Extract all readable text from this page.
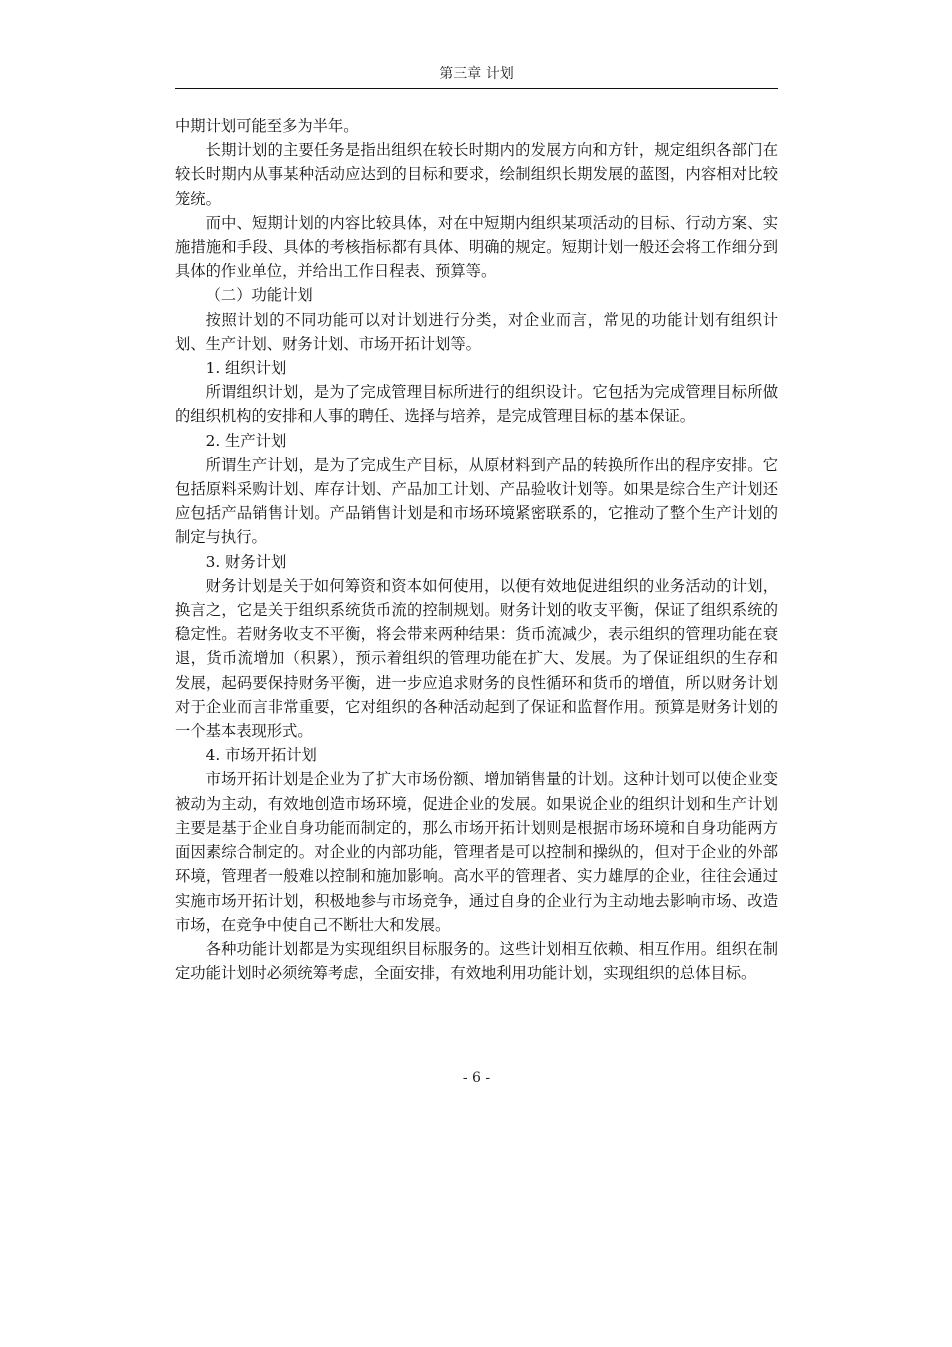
第三章 计划

中期计划可能至多为半年。

长期计划的主要任务是指出组织在较长时期内的发展方向和方针，规定组织各部门在较长时期内从事某种活动应达到的目标和要求，绘制组织长期发展的蓝图，内容相对比较笼统。

而中、短期计划的内容比较具体，对在中短期内组织某项活动的目标、行动方案、实施措施和手段、具体的考核指标都有具体、明确的规定。短期计划一般还会将工作细分到具体的作业单位，并给出工作日程表、预算等。

（二）功能计划

按照计划的不同功能可以对计划进行分类，对企业而言，常见的功能计划有组织计划、生产计划、财务计划、市场开拓计划等。

1. 组织计划

所谓组织计划，是为了完成管理目标所进行的组织设计。它包括为完成管理目标所做的组织机构的安排和人事的聘任、选择与培养，是完成管理目标的基本保证。

2. 生产计划

所谓生产计划，是为了完成生产目标，从原材料到产品的转换所作出的程序安排。它包括原料采购计划、库存计划、产品加工计划、产品验收计划等。如果是综合生产计划还应包括产品销售计划。产品销售计划是和市场环境紧密联系的，它推动了整个生产计划的制定与执行。

3. 财务计划

财务计划是关于如何筹资和资本如何使用，以便有效地促进组织的业务活动的计划，换言之，它是关于组织系统货币流的控制规划。财务计划的收支平衡，保证了组织系统的稳定性。若财务收支不平衡，将会带来两种结果：货币流减少，表示组织的管理功能在衰退，货币流增加（积累），预示着组织的管理功能在扩大、发展。为了保证组织的生存和发展，起码要保持财务平衡，进一步应追求财务的良性循环和货币的增值，所以财务计划对于企业而言非常重要，它对组织的各种活动起到了保证和监督作用。预算是财务计划的一个基本表现形式。

4. 市场开拓计划

市场开拓计划是企业为了扩大市场份额、增加销售量的计划。这种计划可以使企业变被动为主动，有效地创造市场环境，促进企业的发展。如果说企业的组织计划和生产计划主要是基于企业自身功能而制定的，那么市场开拓计划则是根据市场环境和自身功能两方面因素综合制定的。对企业的内部功能，管理者是可以控制和操纵的，但对于企业的外部环境，管理者一般难以控制和施加影响。高水平的管理者、实力雄厚的企业，往往会通过实施市场开拓计划，积极地参与市场竞争，通过自身的企业行为主动地去影响市场、改造市场，在竞争中使自己不断壮大和发展。

各种功能计划都是为实现组织目标服务的。这些计划相互依赖、相互作用。组织在制定功能计划时必须统筹考虑，全面安排，有效地利用功能计划，实现组织的总体目标。

- 6 -
